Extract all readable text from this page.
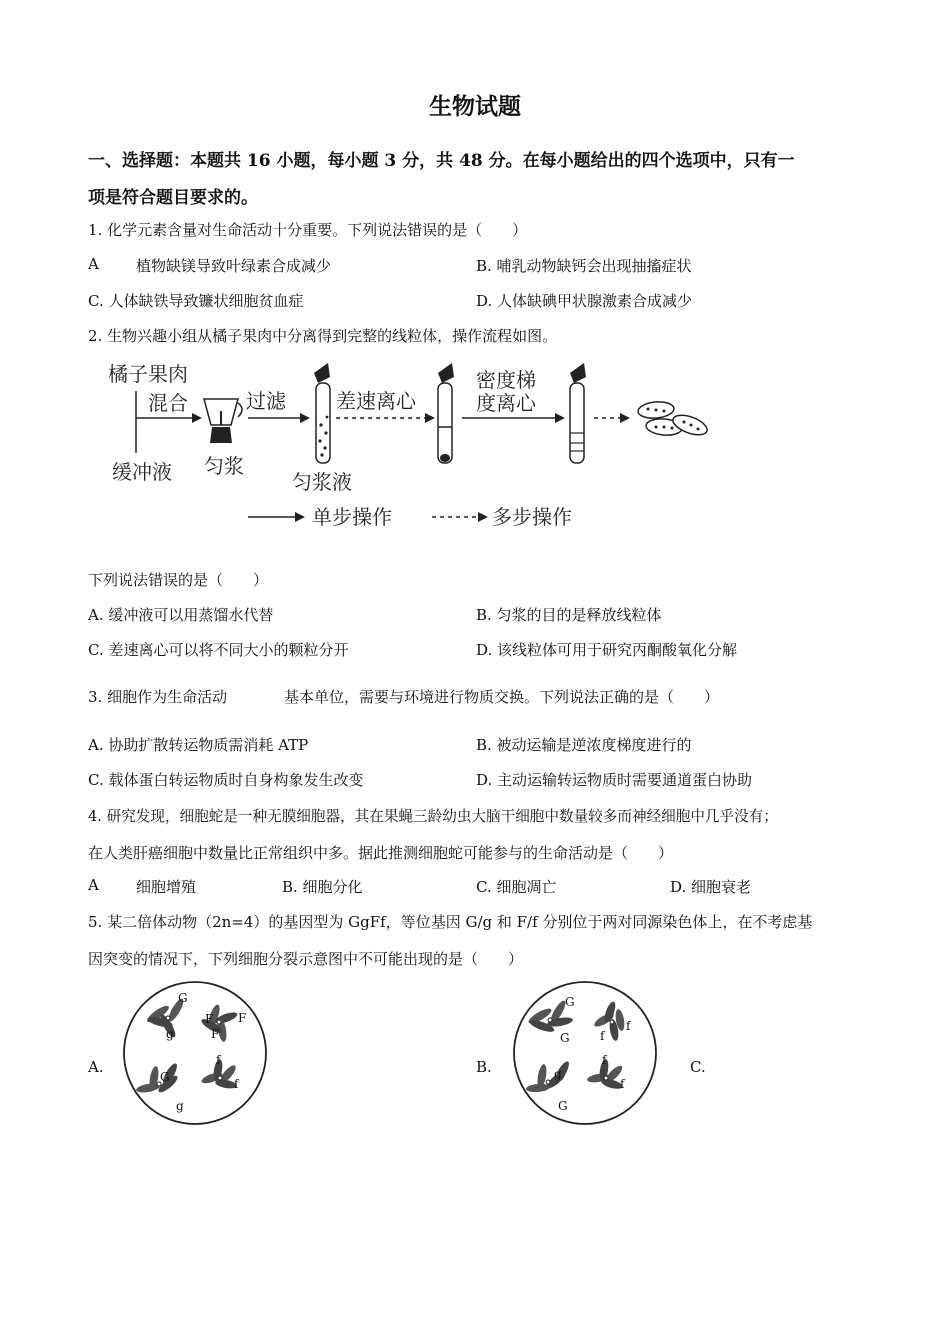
生物试题
一、选择题：本题共 16 小题，每小题 3 分，共 48 分。在每小题给出的四个选项中，只有一
项是符合题目要求的。
1. 化学元素含量对生命活动十分重要。下列说法错误的是（　　）
A 植物缺镁导致叶绿素合成减少	B. 哺乳动物缺钙会出现抽搐症状
C. 人体缺铁导致镰状细胞贫血症	D. 人体缺碘甲状腺激素合成减少
2. 生物兴趣小组从橘子果肉中分离得到完整的线粒体，操作流程如图。
橘子果肉
混合
缓冲液 匀浆
过滤
匀浆液
差速离心
密度梯
度离心
单步操作	多步操作
下列说法错误的是（　　）
A. 缓冲液可以用蒸馏水代替	B. 匀浆的目的是释放线粒体
C. 差速离心可以将不同大小的颗粒分开	D. 该线粒体可用于研究丙酮酸氧化分解
3. 细胞作为生命活动	基本单位，需要与环境进行物质交换。下列说法正确的是（　　）
A. 协助扩散转运物质需消耗 ATP	B. 被动运输是逆浓度梯度进行的
C. 载体蛋白转运物质时自身构象发生改变	D. 主动运输转运物质时需要通道蛋白协助
4. 研究发现，细胞蛇是一种无膜细胞器，其在果蝇三龄幼虫大脑干细胞中数量较多而神经细胞中几乎没有；
在人类肝癌细胞中数量比正常组织中多。据此推测细胞蛇可能参与的生命活动是（　　）
A 细胞增殖	B. 细胞分化	C. 细胞凋亡	D. 细胞衰老
5. 某二倍体动物（2n=4）的基因型为 GgFf，等位基因 G/g 和 F/f 分别位于两对同源染色体上，在不考虑基
因突变的情况下，下列细胞分裂示意图中不可能出现的是（　　）
A.	B.	C.
G
g
F
F
F
G
g
f
f
G
G
f
f
g
G
f
f
